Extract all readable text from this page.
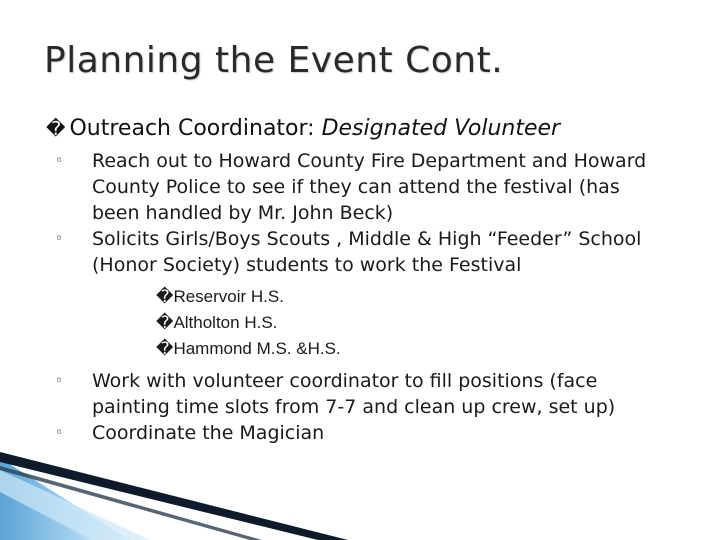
Planning the Event Cont.

� Outreach Coordinator: Designated Volunteer

◦ Reach out to Howard County Fire Department and Howard County Police to see if they can attend the festival (has been handled by Mr. John Beck)

◦ Solicits Girls/Boys Scouts , Middle & High “Feeder” School (Honor Society) students to work the Festival

�Reservoir H.S.

�Altholton H.S.

�Hammond M.S. &H.S.

◦ Work with volunteer coordinator to fill positions (face painting time slots from 7-7 and clean up crew, set up)

◦ Coordinate the Magician
